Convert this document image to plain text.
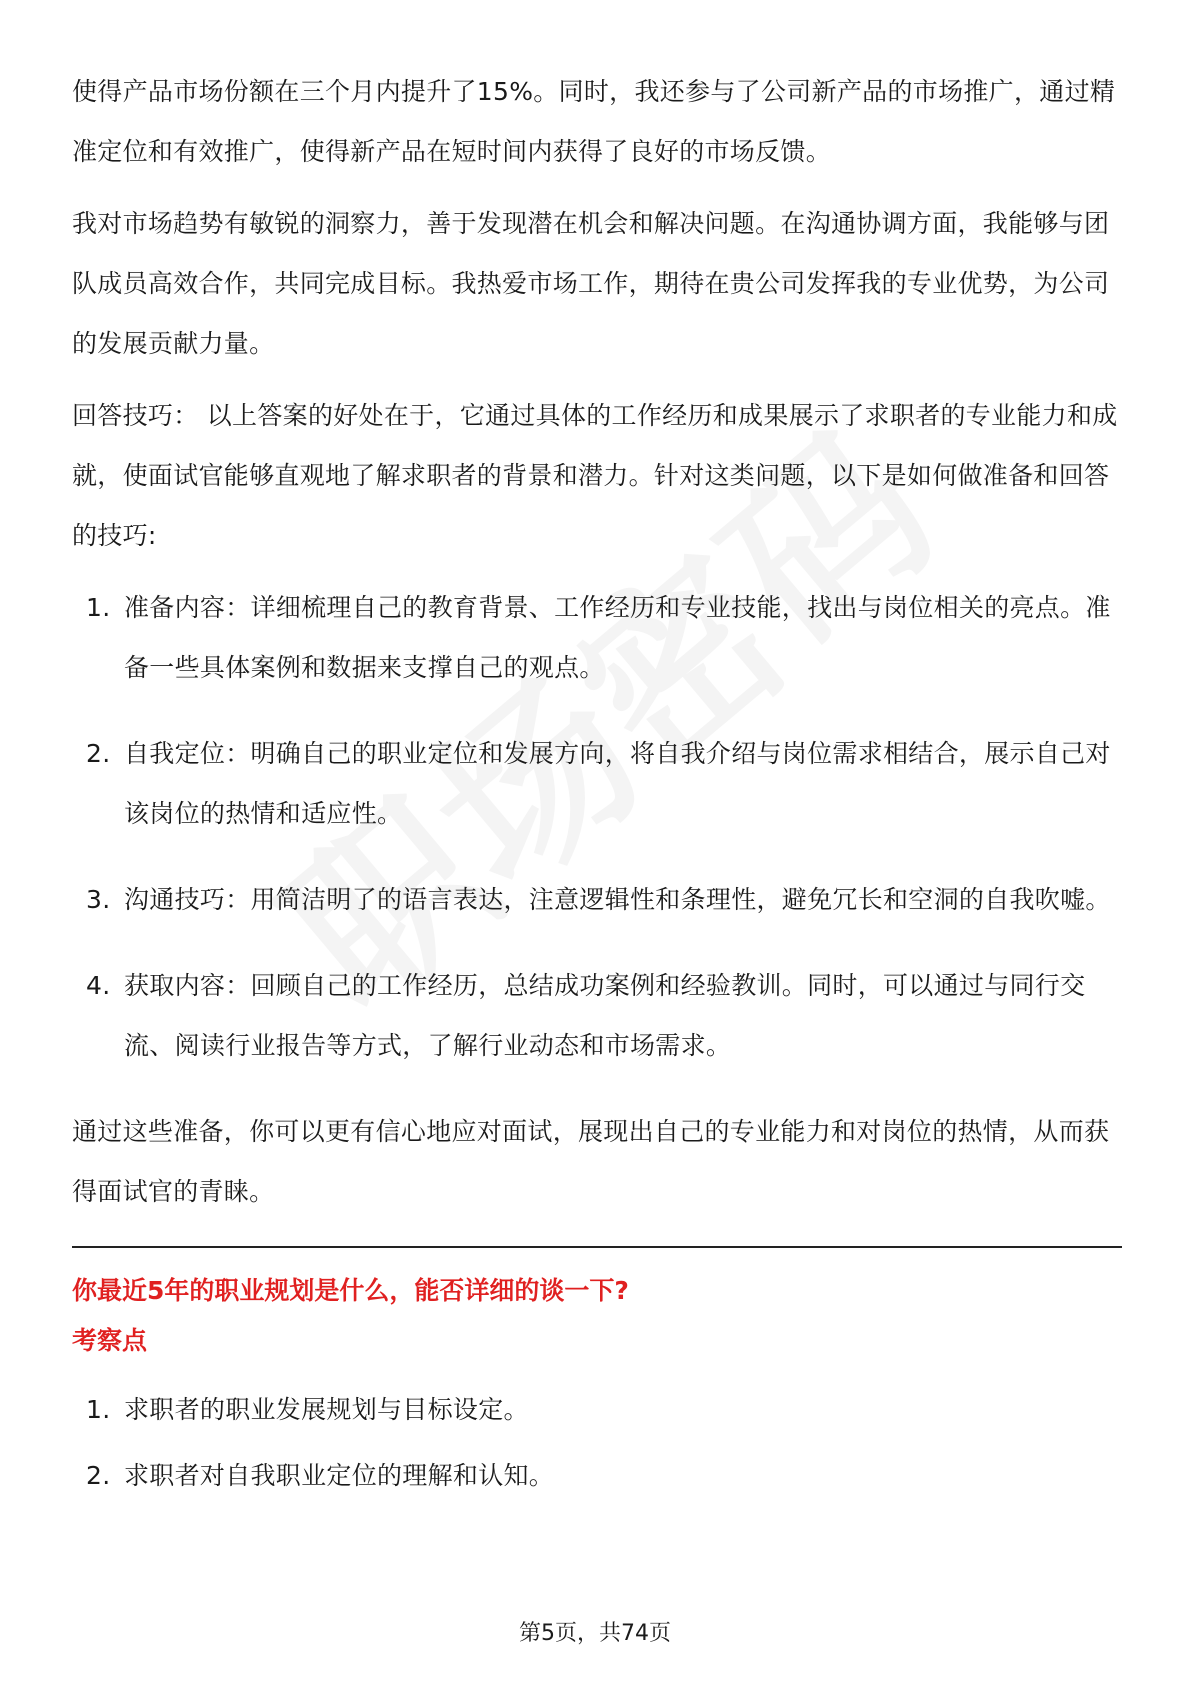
使得产品市场份额在三个月内提升了15%。同时，我还参与了公司新产品的市场推广，通过精准定位和有效推广，使得新产品在短时间内获得了良好的市场反馈。

我对市场趋势有敏锐的洞察力，善于发现潜在机会和解决问题。在沟通协调方面，我能够与团队成员高效合作，共同完成目标。我热爱市场工作，期待在贵公司发挥我的专业优势，为公司的发展贡献力量。

回答技巧： 以上答案的好处在于，它通过具体的工作经历和成果展示了求职者的专业能力和成就，使面试官能够直观地了解求职者的背景和潜力。针对这类问题，以下是如何做准备和回答的技巧:

1. 准备内容：详细梳理自己的教育背景、工作经历和专业技能，找出与岗位相关的亮点。准备一些具体案例和数据来支撑自己的观点。
2. 自我定位：明确自己的职业定位和发展方向，将自我介绍与岗位需求相结合，展示自己对该岗位的热情和适应性。
3. 沟通技巧：用简洁明了的语言表达，注意逻辑性和条理性，避免冗长和空洞的自我吹嘘。
4. 获取内容：回顾自己的工作经历，总结成功案例和经验教训。同时，可以通过与同行交流、阅读行业报告等方式，了解行业动态和市场需求。

通过这些准备，你可以更有信心地应对面试，展现出自己的专业能力和对岗位的热情，从而获得面试官的青睐。

你最近5年的职业规划是什么，能否详细的谈一下?

考察点

1. 求职者的职业发展规划与目标设定。
2. 求职者对自我职业定位的理解和认知。
第5页，共74页
